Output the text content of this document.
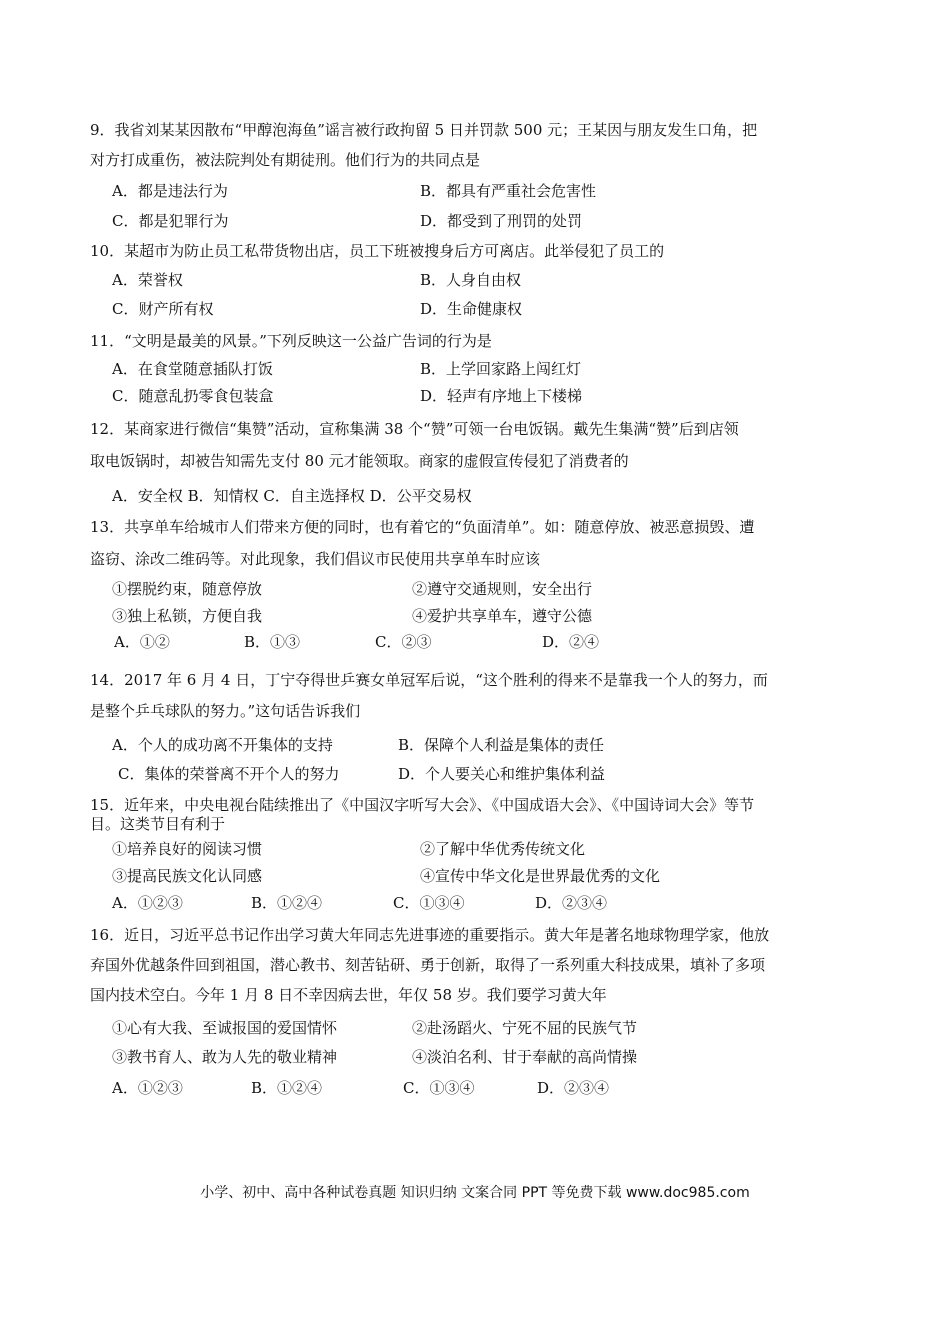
9．我省刘某某因散布“甲醇泡海鱼”谣言被行政拘留 5 日并罚款 500 元；王某因与朋友发生口角，把
对方打成重伤，被法院判处有期徒刑。他们行为的共同点是
A．都是违法行为	B．都具有严重社会危害性
C．都是犯罪行为	D．都受到了刑罚的处罚
10．某超市为防止员工私带货物出店，员工下班被搜身后方可离店。此举侵犯了员工的
A．荣誉权	B．人身自由权
C．财产所有权	D．生命健康权
11．“文明是最美的风景。”下列反映这一公益广告词的行为是
A．在食堂随意插队打饭	B．上学回家路上闯红灯
C．随意乱扔零食包装盒	D．轻声有序地上下楼梯
12．某商家进行微信“集赞”活动，宣称集满 38 个“赞”可领一台电饭锅。戴先生集满“赞”后到店领
取电饭锅时，却被告知需先支付 80 元才能领取。商家的虚假宣传侵犯了消费者的
A．安全权 B．知情权 C．自主选择权 D．公平交易权
13．共享单车给城市人们带来方便的同时，也有着它的“负面清单”。如：随意停放、被恶意损毁、遭
盗窃、涂改二维码等。对此现象，我们倡议市民使用共享单车时应该
①摆脱约束，随意停放	②遵守交通规则，安全出行
③独上私锁，方便自我	④爱护共享单车，遵守公德
A．①②	B．①③	C．②③	D．②④
14．2017 年 6 月 4 日，丁宁夺得世乒赛女单冠军后说，“这个胜利的得来不是靠我一个人的努力，而
是整个乒乓球队的努力。”这句话告诉我们
A．个人的成功离不开集体的支持	B．保障个人利益是集体的责任
C．集体的荣誉离不开个人的努力	D．个人要关心和维护集体利益
15．近年来，中央电视台陆续推出了《中国汉字听写大会》、《中国成语大会》、《中国诗词大会》等节
目。这类节目有利于
①培养良好的阅读习惯	②了解中华优秀传统文化
③提高民族文化认同感	④宣传中华文化是世界最优秀的文化
A．①②③	B．①②④	C．①③④	D．②③④
16．近日，习近平总书记作出学习黄大年同志先进事迹的重要指示。黄大年是著名地球物理学家，他放
弃国外优越条件回到祖国，潜心教书、刻苦钻研、勇于创新，取得了一系列重大科技成果，填补了多项
国内技术空白。今年 1 月 8 日不幸因病去世，年仅 58 岁。我们要学习黄大年
①心有大我、至诚报国的爱国情怀	②赴汤蹈火、宁死不屈的民族气节
③教书育人、敢为人先的敬业精神	④淡泊名利、甘于奉献的高尚情操
A．①②③	B．①②④	C．①③④	D．②③④
小学、初中、高中各种试卷真题 知识归纳 文案合同 PPT 等免费下载 www.doc985.com
